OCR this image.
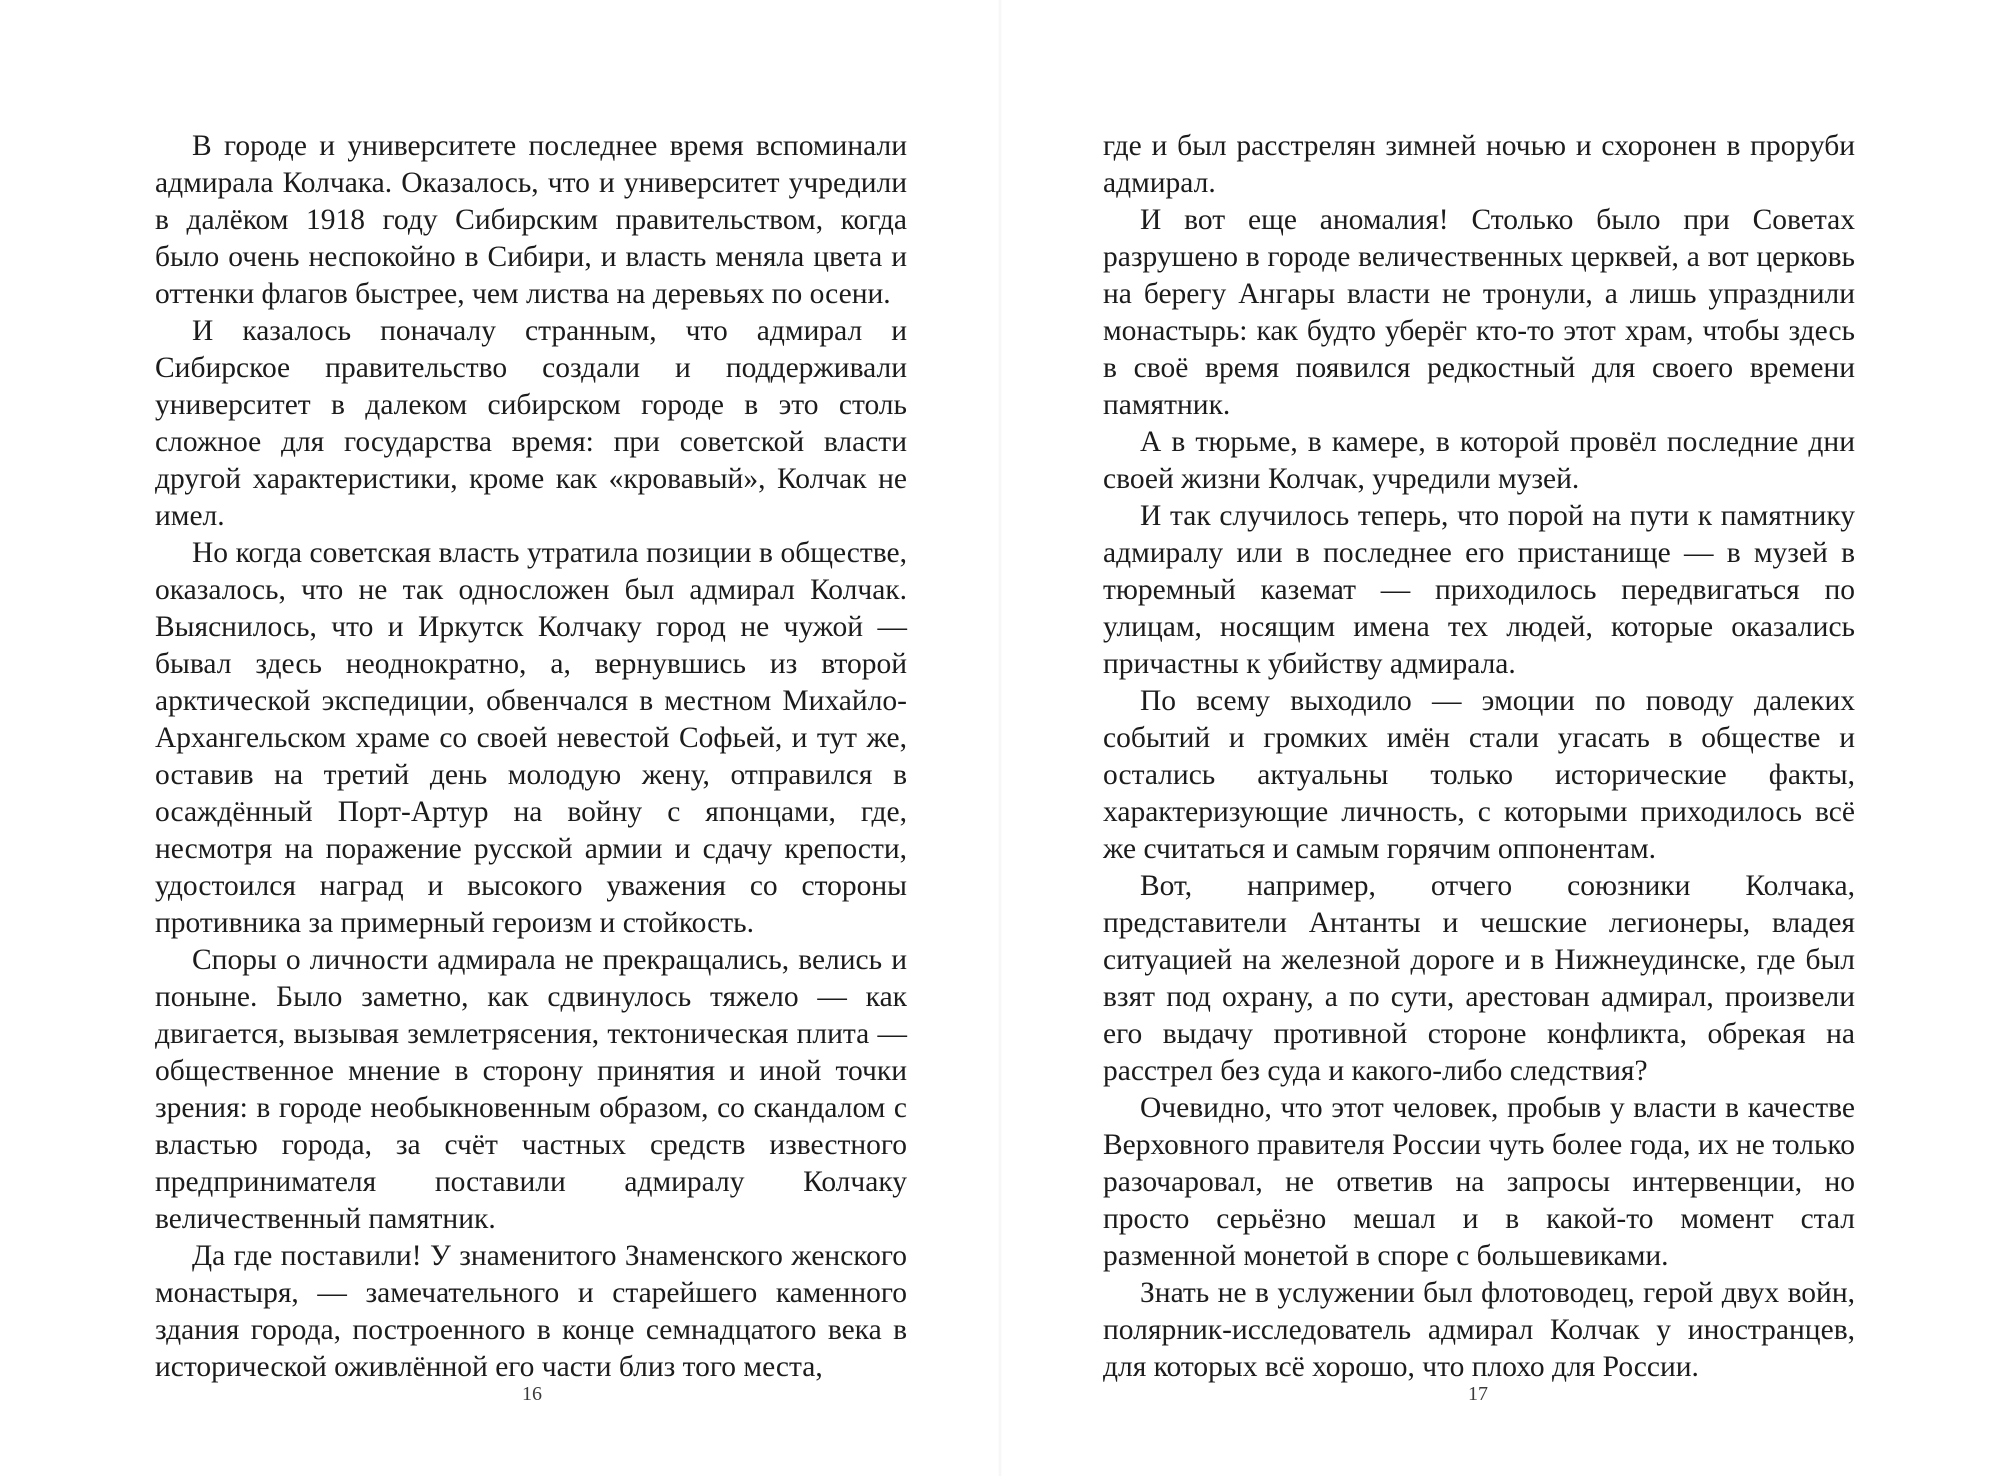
В городе и университете последнее время вспоминали адмирала Колчака. Оказалось, что и университет учредили в далёком 1918 году Сибирским правительством, когда было очень неспокойно в Сибири, и власть меняла цвета и оттенки флагов быстрее, чем листва на деревьях по осени.

И казалось поначалу странным, что адмирал и Сибирское правительство создали и поддерживали университет в далеком сибирском городе в это столь сложное для государства время: при советской власти другой характеристики, кроме как «кровавый», Колчак не имел.

Но когда советская власть утратила позиции в обществе, оказалось, что не так односложен был адмирал Колчак. Выяснилось, что и Иркутск Колчаку город не чужой — бывал здесь неоднократно, а, вернувшись из второй арктической экспедиции, обвенчался в местном Михайло-Архангельском храме со своей невестой Софьей, и тут же, оставив на третий день молодую жену, отправился в осаждённый Порт-Артур на войну с японцами, где, несмотря на поражение русской армии и сдачу крепости, удостоился наград и высокого уважения со стороны противника за примерный героизм и стойкость.

Споры о личности адмирала не прекращались, велись и поныне. Было заметно, как сдвинулось тяжело — как двигается, вызывая землетрясения, тектоническая плита — общественное мнение в сторону принятия и иной точки зрения: в городе необыкновенным образом, со скандалом с властью города, за счёт частных средств известного предпринимателя поставили адмиралу Колчаку величественный памятник.

Да где поставили! У знаменитого Знаменского женского монастыря, — замечательного и старейшего каменного здания города, построенного в конце семнадцатого века в исторической оживлённой его части близ того места,

16

где и был расстрелян зимней ночью и схоронен в проруби адмирал.

И вот еще аномалия! Столько было при Советах разрушено в городе величественных церквей, а вот церковь на берегу Ангары власти не тронули, а лишь упразднили монастырь: как будто уберёг кто-то этот храм, чтобы здесь в своё время появился редкостный для своего времени памятник.

А в тюрьме, в камере, в которой провёл последние дни своей жизни Колчак, учредили музей.

И так случилось теперь, что порой на пути к памятнику адмиралу или в последнее его пристанище — в музей в тюремный каземат — приходилось передвигаться по улицам, носящим имена тех людей, которые оказались причастны к убийству адмирала.

По всему выходило — эмоции по поводу далеких событий и громких имён стали угасать в обществе и остались актуальны только исторические факты, характеризующие личность, с которыми приходилось всё же считаться и самым горячим оппонентам.

Вот, например, отчего союзники Колчака, представители Антанты и чешские легионеры, владея ситуацией на железной дороге и в Нижнеудинске, где был взят под охрану, а по сути, арестован адмирал, произвели его выдачу противной стороне конфликта, обрекая на расстрел без суда и какого-либо следствия?

Очевидно, что этот человек, пробыв у власти в качестве Верховного правителя России чуть более года, их не только разочаровал, не ответив на запросы интервенции, но просто серьёзно мешал и в какой-то момент стал разменной монетой в споре с большевиками.

Знать не в услужении был флотоводец, герой двух войн, полярник-исследователь адмирал Колчак у иностранцев, для которых всё хорошо, что плохо для России.

17
